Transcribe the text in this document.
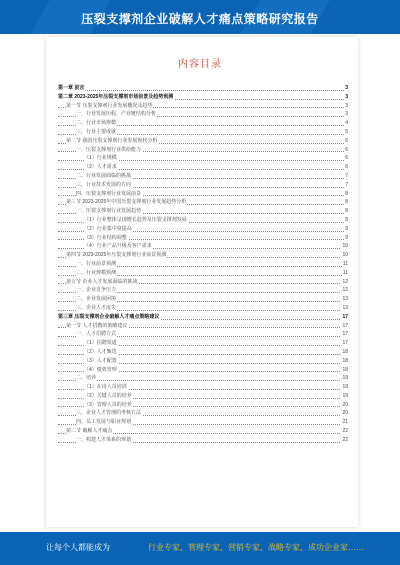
压裂支撑剂企业破解人才痛点策略研究报告
内容目录
第一章 前言	3
第二章 2023-2025年压裂支撑剂市场前景及趋势预测	3
第一节 压裂支撑剂行业发展概况及趋势	3
一、行业发展历程、产业链结构分析	3
二、行业市场规模	4
三、行业主要成就	5
第二节 我国压裂支撑剂行业发展现状分析	6
一、压裂支撑剂行业供给能力	6
（1）行业规模	6
（2）人才需求	6
二、行业发展面临的挑战	7
三、行业技术发展的方向	7
四、压裂支撑剂行业发展前景	8
第三节 2023-2025年中国压裂支撑剂行业发展趋势分析	8
一、压裂支撑剂行业发展趋势	8
（1）行业整体呈现增长趋势及压裂支撑剂发展	8
（2）行业集中度提高	9
（3）行业结构调整	9
（4）行业产品升级及客户需求	10
第四节 2023-2025年压裂支撑剂行业前景预测	10
一、行业前景预测	11
二、行业规模预测	11
第五节 企业人才发展面临的挑战	12
一、企业竞争压力	12
二、企业发展困境	13
三、企业人才流失	13
第三章 压裂支撑剂企业破解人才痛点策略建议	17
第一节 人才招聘的策略建议	17
一、人才招聘方式	17
（1）招聘渠道	17
（2）人才甄选	18
（3）人才配置	18
（4）绩效管理	18
二、培养	19
（1）在岗人员培训	19
（2）关键人员的培养	19
（3）管理人员的培养	20
三、企业人才管理的考核方法	20
四、员工发展与职业规划	21
第二节 破解人才痛点	22
一、构建人才体系的规划	22
让每个人都能成为	行业专家、管理专家、营销专家、战略专家、成功企业家……
